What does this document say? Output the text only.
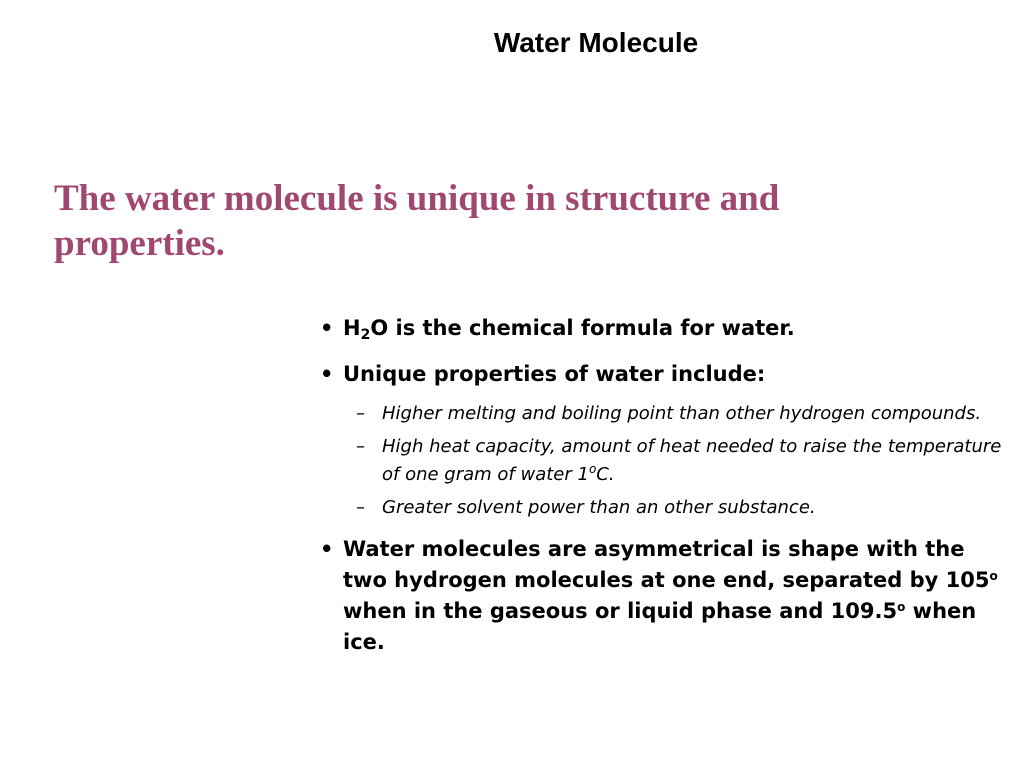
Water Molecule
The water molecule is unique in structure and properties.
• $H_2O$ is the chemical formula for water.
• Unique properties of water include:
– Higher melting and boiling point than other hydrogen compounds.
– High heat capacity, amount of heat needed to raise the temperature of one gram of water 1$^o$C.
– Greater solvent power than an other substance.
• Water molecules are asymmetrical is shape with the two hydrogen molecules at one end, separated by 105$^o$ when in the gaseous or liquid phase and 109.5$^o$ when ice.
